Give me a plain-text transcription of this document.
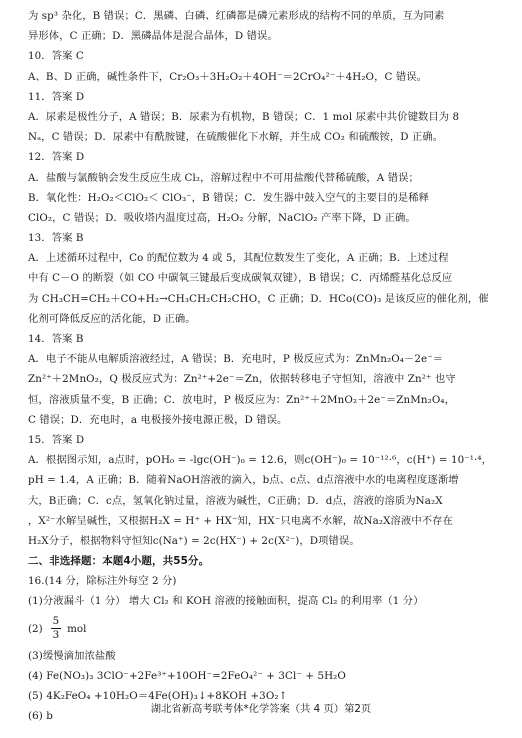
为 sp³ 杂化，B 错误；C．黑磷、白磷、红磷都是磷元素形成的结构不同的单质，互为同素
异形体，C 正确；D．黑磷晶体是混合晶体，D 错误。
10．答案 C
A、B、D 正确，碱性条件下，Cr₂O₃＋3H₂O₂＋4OH⁻＝2CrO₄²⁻＋4H₂O，C 错误。
11．答案 D
A．尿素是极性分子，A 错误；B．尿素为有机物，B 错误；C．1 mol 尿素中共价键数目为 8
Nₐ，C 错误；D．尿素中有酰胺键，在硫酸催化下水解，并生成 CO₂ 和硫酸铵，D 正确。
12．答案 D
A．盐酸与氯酸钠会发生反应生成 Cl₂，溶解过程中不可用盐酸代替稀硫酸，A 错误；
B．氧化性：H₂O₂＜ClO₂＜ ClO₃⁻，B 错误；C．发生器中鼓入空气的主要目的是稀释
ClO₂，C 错误；D．吸收塔内温度过高，H₂O₂ 分解，NaClO₂ 产率下降，D 正确。
13．答案 B
A．上述循环过程中，Co 的配位数为 4 或 5，其配位数发生了变化，A 正确；B．上述过程
中有 C－O 的断裂（如 CO 中碳氧三键最后变成碳氧双键），B 错误；C．丙烯醛基化总反应
为 CH₃CH=CH₂＋CO+H₂→CH₃CH₂CH₂CHO，C 正确；D．HCo(CO)₃ 是该反应的催化剂，催
化剂可降低反应的活化能，D 正确。
14．答案 B
A．电子不能从电解质溶液经过，A 错误；B．充电时，P 极反应式为：ZnMn₂O₄－2e⁻＝
Zn²⁺＋2MnO₂，Q 极反应式为：Zn²⁺+2e⁻＝Zn，依据转移电子守恒知，溶液中 Zn²⁺ 也守
恒，溶液质量不变，B 正确；C．放电时，P 极反应为：Zn²⁺＋2MnO₂＋2e⁻＝ZnMn₂O₄，
C 错误；D．充电时，a 电极接外接电源正极，D 错误。
15．答案 D
A．根据图示知，a点时，pOH₀ = -lgc(OH⁻)₀ = 12.6，则c(OH⁻)₀ = 10⁻¹²·⁶，c(H⁺) = 10⁻¹·⁴，
pH = 1.4，A 正确；B．随着NaOH溶液的滴入，b点、c点、d点溶液中水的电离程度逐渐增
大，B正确；C．c点，氢氧化钠过量，溶液为碱性，C正确；D．d点，溶液的溶质为Na₂X
，X²⁻水解呈碱性，又根据H₂X = H⁺ + HX⁻知，HX⁻只电离不水解，故Na₂X溶液中不存在
H₂X分子，根据物料守恒知c(Na⁺) = 2c(HX⁻) + 2c(X²⁻)，D项错误。
二、非选择题：本题4小题，共55分。
16.(14 分，除标注外每空 2 分)
(1)分液漏斗（1 分） 增大 Cl₂ 和 KOH 溶液的接触面积，提高 Cl₂ 的利用率（1 分）
$(2) \frac{5}{3}$ mol
(3)缓慢滴加浓盐酸
(4) Fe(NO₃)₃ 3ClO⁻+2Fe³⁺+10OH⁻=2FeO₄²⁻ + 3Cl⁻ + 5H₂O
(5) 4K₂FeO₄ +10H₂O＝4Fe(OH)₃↓+8KOH +3O₂↑
(6) b
湖北省新高考联考体*化学答案（共 4 页）第2页
